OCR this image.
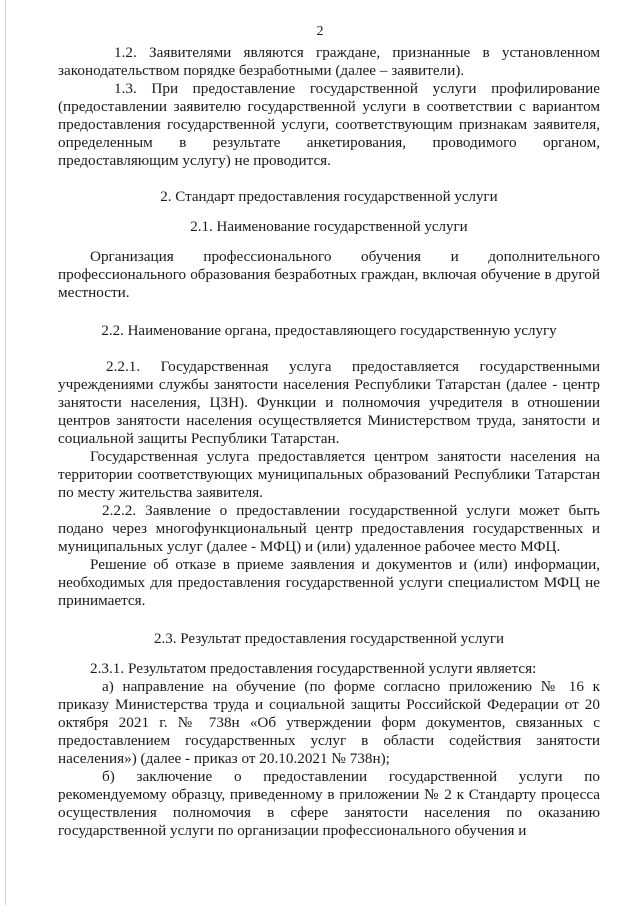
2

1.2. Заявителями являются граждане, признанные в установленном законодательством порядке безработными (далее – заявители).

1.3. При предоставление государственной услуги профилирование (предоставлении заявителю государственной услуги в соответствии с вариантом предоставления государственной услуги, соответствующим признакам заявителя, определенным в результате анкетирования, проводимого органом, предоставляющим услугу) не проводится.

2. Стандарт предоставления государственной услуги

2.1. Наименование государственной услуги

Организация профессионального обучения и дополнительного профессионального образования безработных граждан, включая обучение в другой местности.

2.2. Наименование органа, предоставляющего государственную услугу

2.2.1. Государственная услуга предоставляется государственными учреждениями службы занятости населения Республики Татарстан (далее - центр занятости населения, ЦЗН). Функции и полномочия учредителя в отношении центров занятости населения осуществляется Министерством труда, занятости и социальной защиты Республики Татарстан.

Государственная услуга предоставляется центром занятости населения на территории соответствующих муниципальных образований Республики Татарстан по месту жительства заявителя.

2.2.2. Заявление о предоставлении государственной услуги может быть подано через многофункциональный центр предоставления государственных и муниципальных услуг (далее - МФЦ) и (или) удаленное рабочее место МФЦ.

Решение об отказе в приеме заявления и документов и (или) информации, необходимых для предоставления государственной услуги специалистом МФЦ не принимается.

2.3. Результат предоставления государственной услуги

2.3.1. Результатом предоставления государственной услуги является:

а) направление на обучение (по форме согласно приложению № 16 к приказу Министерства труда и социальной защиты Российской Федерации от 20 октября 2021 г. № 738н «Об утверждении форм документов, связанных с предоставлением государственных услуг в области содействия занятости населения») (далее - приказ от 20.10.2021 № 738н);

б) заключение о предоставлении государственной услуги по рекомендуемому образцу, приведенному в приложении № 2 к Стандарту процесса осуществления полномочия в сфере занятости населения по оказанию государственной услуги по организации профессионального обучения и
